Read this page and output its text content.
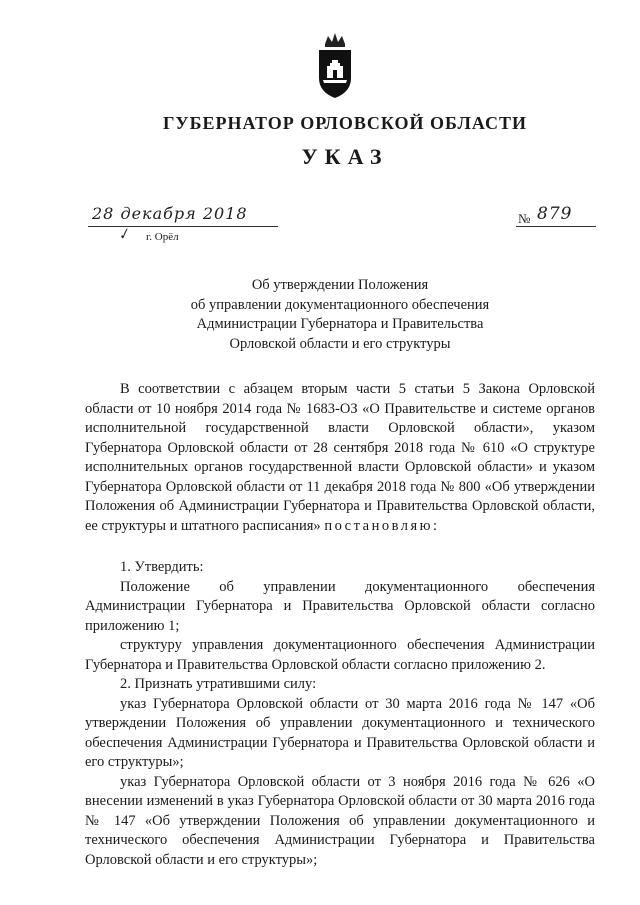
ГУБЕРНАТОР ОРЛОВСКОЙ ОБЛАСТИ
УКАЗ
28 декабря 2018
✓ г. Орёл
№ 879
Об утверждении Положения
об управлении документационного обеспечения
Администрации Губернатора и Правительства
Орловской области и его структуры

В соответствии с абзацем вторым части 5 статьи 5 Закона Орловской области от 10 ноября 2014 года № 1683-ОЗ «О Правительстве и системе органов исполнительной государственной власти Орловской области», указом Губернатора Орловской области от 28 сентября 2018 года № 610 «О структуре исполнительных органов государственной власти Орловской области» и указом Губернатора Орловской области от 11 декабря 2018 года № 800 «Об утверждении Положения об Администрации Губернатора и Правительства Орловской области, ее структуры и штатного расписания» постановляю:

1. Утвердить:

Положение об управлении документационного обеспечения Администрации Губернатора и Правительства Орловской области согласно приложению 1;

структуру управления документационного обеспечения Администрации Губернатора и Правительства Орловской области согласно приложению 2.

2. Признать утратившими силу:

указ Губернатора Орловской области от 30 марта 2016 года № 147 «Об утверждении Положения об управлении документационного и технического обеспечения Администрации Губернатора и Правительства Орловской области и его структуры»;

указ Губернатора Орловской области от 3 ноября 2016 года № 626 «О внесении изменений в указ Губернатора Орловской области от 30 марта 2016 года № 147 «Об утверждении Положения об управлении документационного и технического обеспечения Администрации Губернатора и Правительства Орловской области и его структуры»;
